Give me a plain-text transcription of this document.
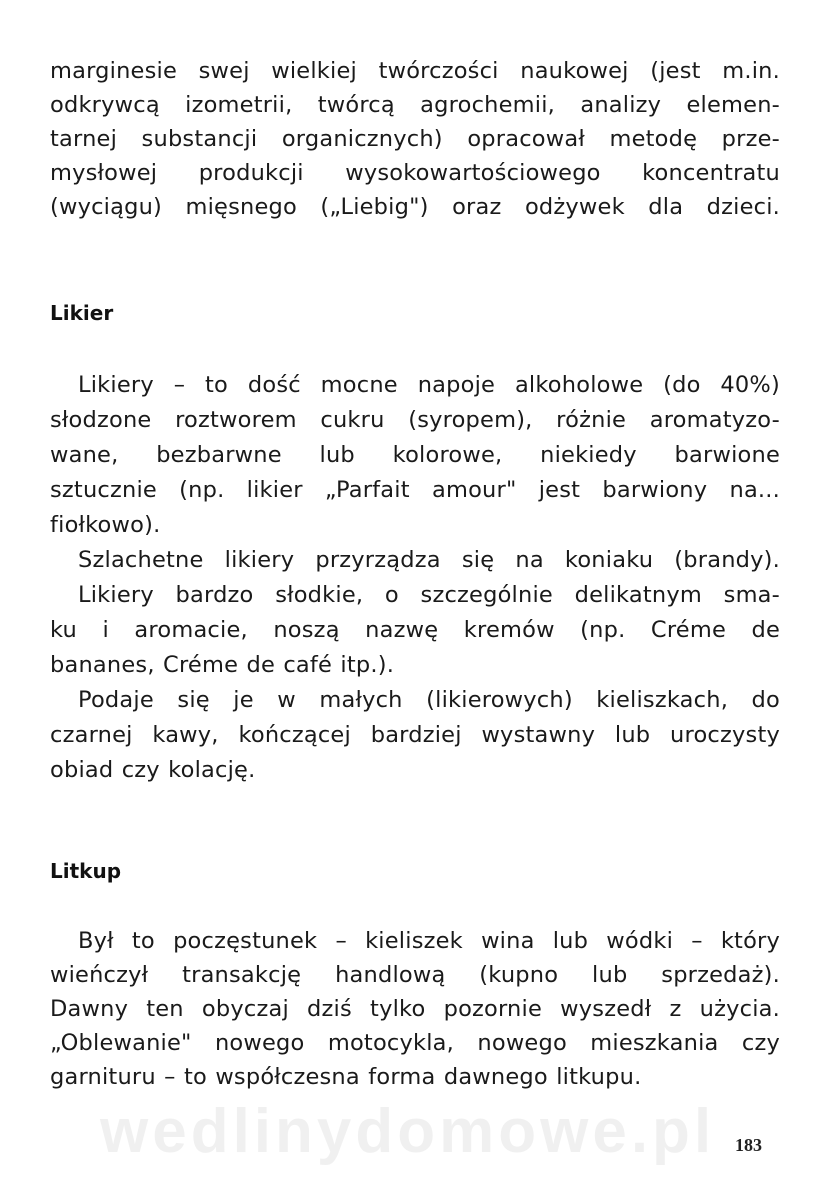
marginesie swej wielkiej twórczości naukowej (jest m.in.
odkrywcą izometrii, twórcą agrochemii, analizy elemen-
tarnej substancji organicznych) opracował metodę prze-
mysłowej produkcji wysokowartościowego koncentratu
(wyciągu) mięsnego („Liebig") oraz odżywek dla dzieci.
Likier
Likiery – to dość mocne napoje alkoholowe (do 40%)
słodzone roztworem cukru (syropem), różnie aromatyzo-
wane, bezbarwne lub kolorowe, niekiedy barwione
sztucznie (np. likier „Parfait amour" jest barwiony na...
fiołkowo).
Szlachetne likiery przyrządza się na koniaku (brandy).
Likiery bardzo słodkie, o szczególnie delikatnym sma-
ku i aromacie, noszą nazwę kremów (np. Créme de
bananes, Créme de café itp.).
Podaje się je w małych (likierowych) kieliszkach, do
czarnej kawy, kończącej bardziej wystawny lub uroczysty
obiad czy kolację.
Litkup
Był to poczęstunek – kieliszek wina lub wódki – który
wieńczył transakcję handlową (kupno lub sprzedaż).
Dawny ten obyczaj dziś tylko pozornie wyszedł z użycia.
„Oblewanie" nowego motocykla, nowego mieszkania czy
garnituru – to współczesna forma dawnego litkupu.
wedlinydomowe.pl 183
